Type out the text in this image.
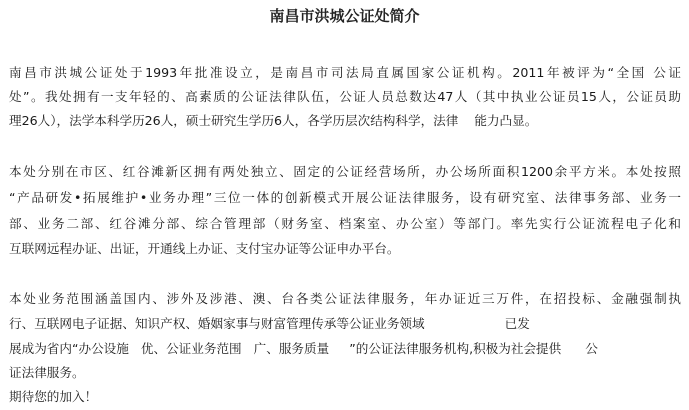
南昌市洪城公证处简介
南昌市洪城公证处于1993年批准设立，是南昌市司法局直属国家公证机构。2011年被评为“全国 公证
处”。我处拥有一支年轻的、高素质的公证法律队伍，公证人员总数达47人（其中执业公证员15人，公证员助
理26人），法学本科学历26人，硕士研究生学历6人，各学历层次结构科学，法律    能力凸显。
本处分别在市区、红谷滩新区拥有两处独立、固定的公证经营场所，办公场所面积1200余平方米。本处按照
“产品研发•拓展维护•业务办理”三位一体的创新模式开展公证法律服务，设有研究室、法律事务部、业务一
部、业务二部、红谷滩分部、综合管理部（财务室、档案室、办公室）等部门。率先实行公证流程电子化和
互联网远程办证、出证，开通线上办证、支付宝办证等公证申办平台。
本处业务范围涵盖国内、涉外及涉港、澳、台各类公证法律服务，年办证近三万件，在招投标、金融强制执
行、互联网电子证据、知识产权、婚姻家事与财富管理传承等公证业务领域                    已发
展成为省内“办公设施   优、公证业务范围   广、服务质量     ”的公证法律服务机构,积极为社会提供      公
证法律服务。
期待您的加入！
